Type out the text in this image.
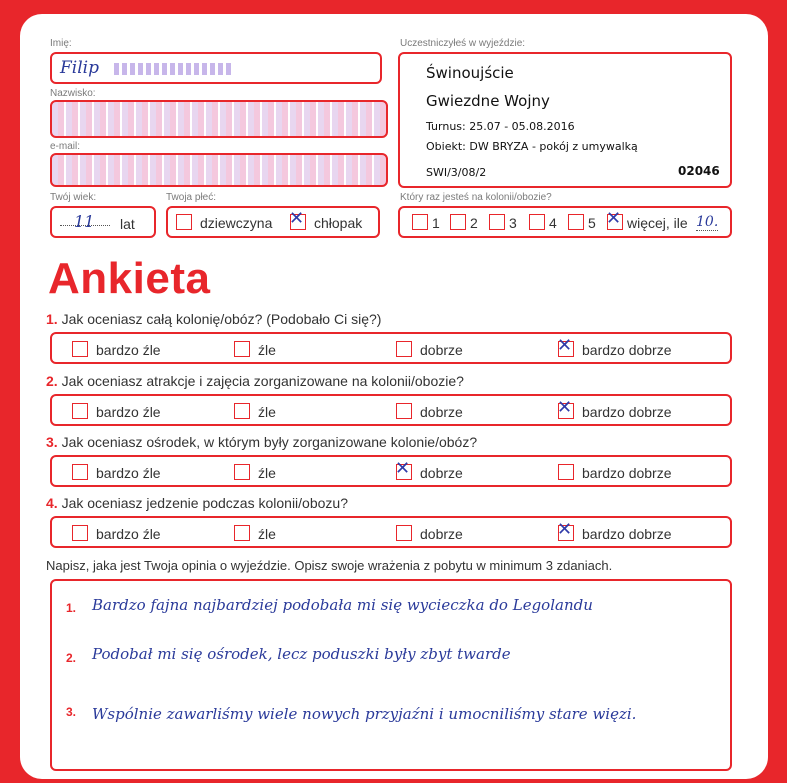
Imię:
Filip
Nazwisko:
e-mail:
Uczestniczyłeś w wyjeździe:
Świnoujście
Gwiezdne Wojny
Turnus: 25.07 - 05.08.2016
Obiekt: DW BRYZA - pokój z umywalką
SWI/3/08/2	02046
Twój wiek:
11 lat
Twoja płeć:
dziewczyna ✕ chłopak
Który raz jesteś na kolonii/obozie?
1 2 3 4 5 ✕ więcej, ile 10.
Ankieta
1. Jak oceniasz całą kolonię/obóz? (Podobało Ci się?)
bardzo źle	źle	dobrze	✕ bardzo dobrze
2. Jak oceniasz atrakcje i zajęcia zorganizowane na kolonii/obozie?
bardzo źle	źle	dobrze	✕ bardzo dobrze
3. Jak oceniasz ośrodek, w którym były zorganizowane kolonie/obóz?
bardzo źle	źle	✕ dobrze	bardzo dobrze
4. Jak oceniasz jedzenie podczas kolonii/obozu?
bardzo źle	źle	dobrze	✕ bardzo dobrze
Napisz, jaka jest Twoja opinia o wyjeździe. Opisz swoje wrażenia z pobytu w minimum 3 zdaniach.
1. Bardzo fajna najbardziej podobała mi się wycieczka do Legolandu
2. Podobał mi się ośrodek, lecz poduszki były zbyt twarde
3. Wspólnie zawarliśmy wiele nowych przyjaźni i umocniliśmy stare więzi.
